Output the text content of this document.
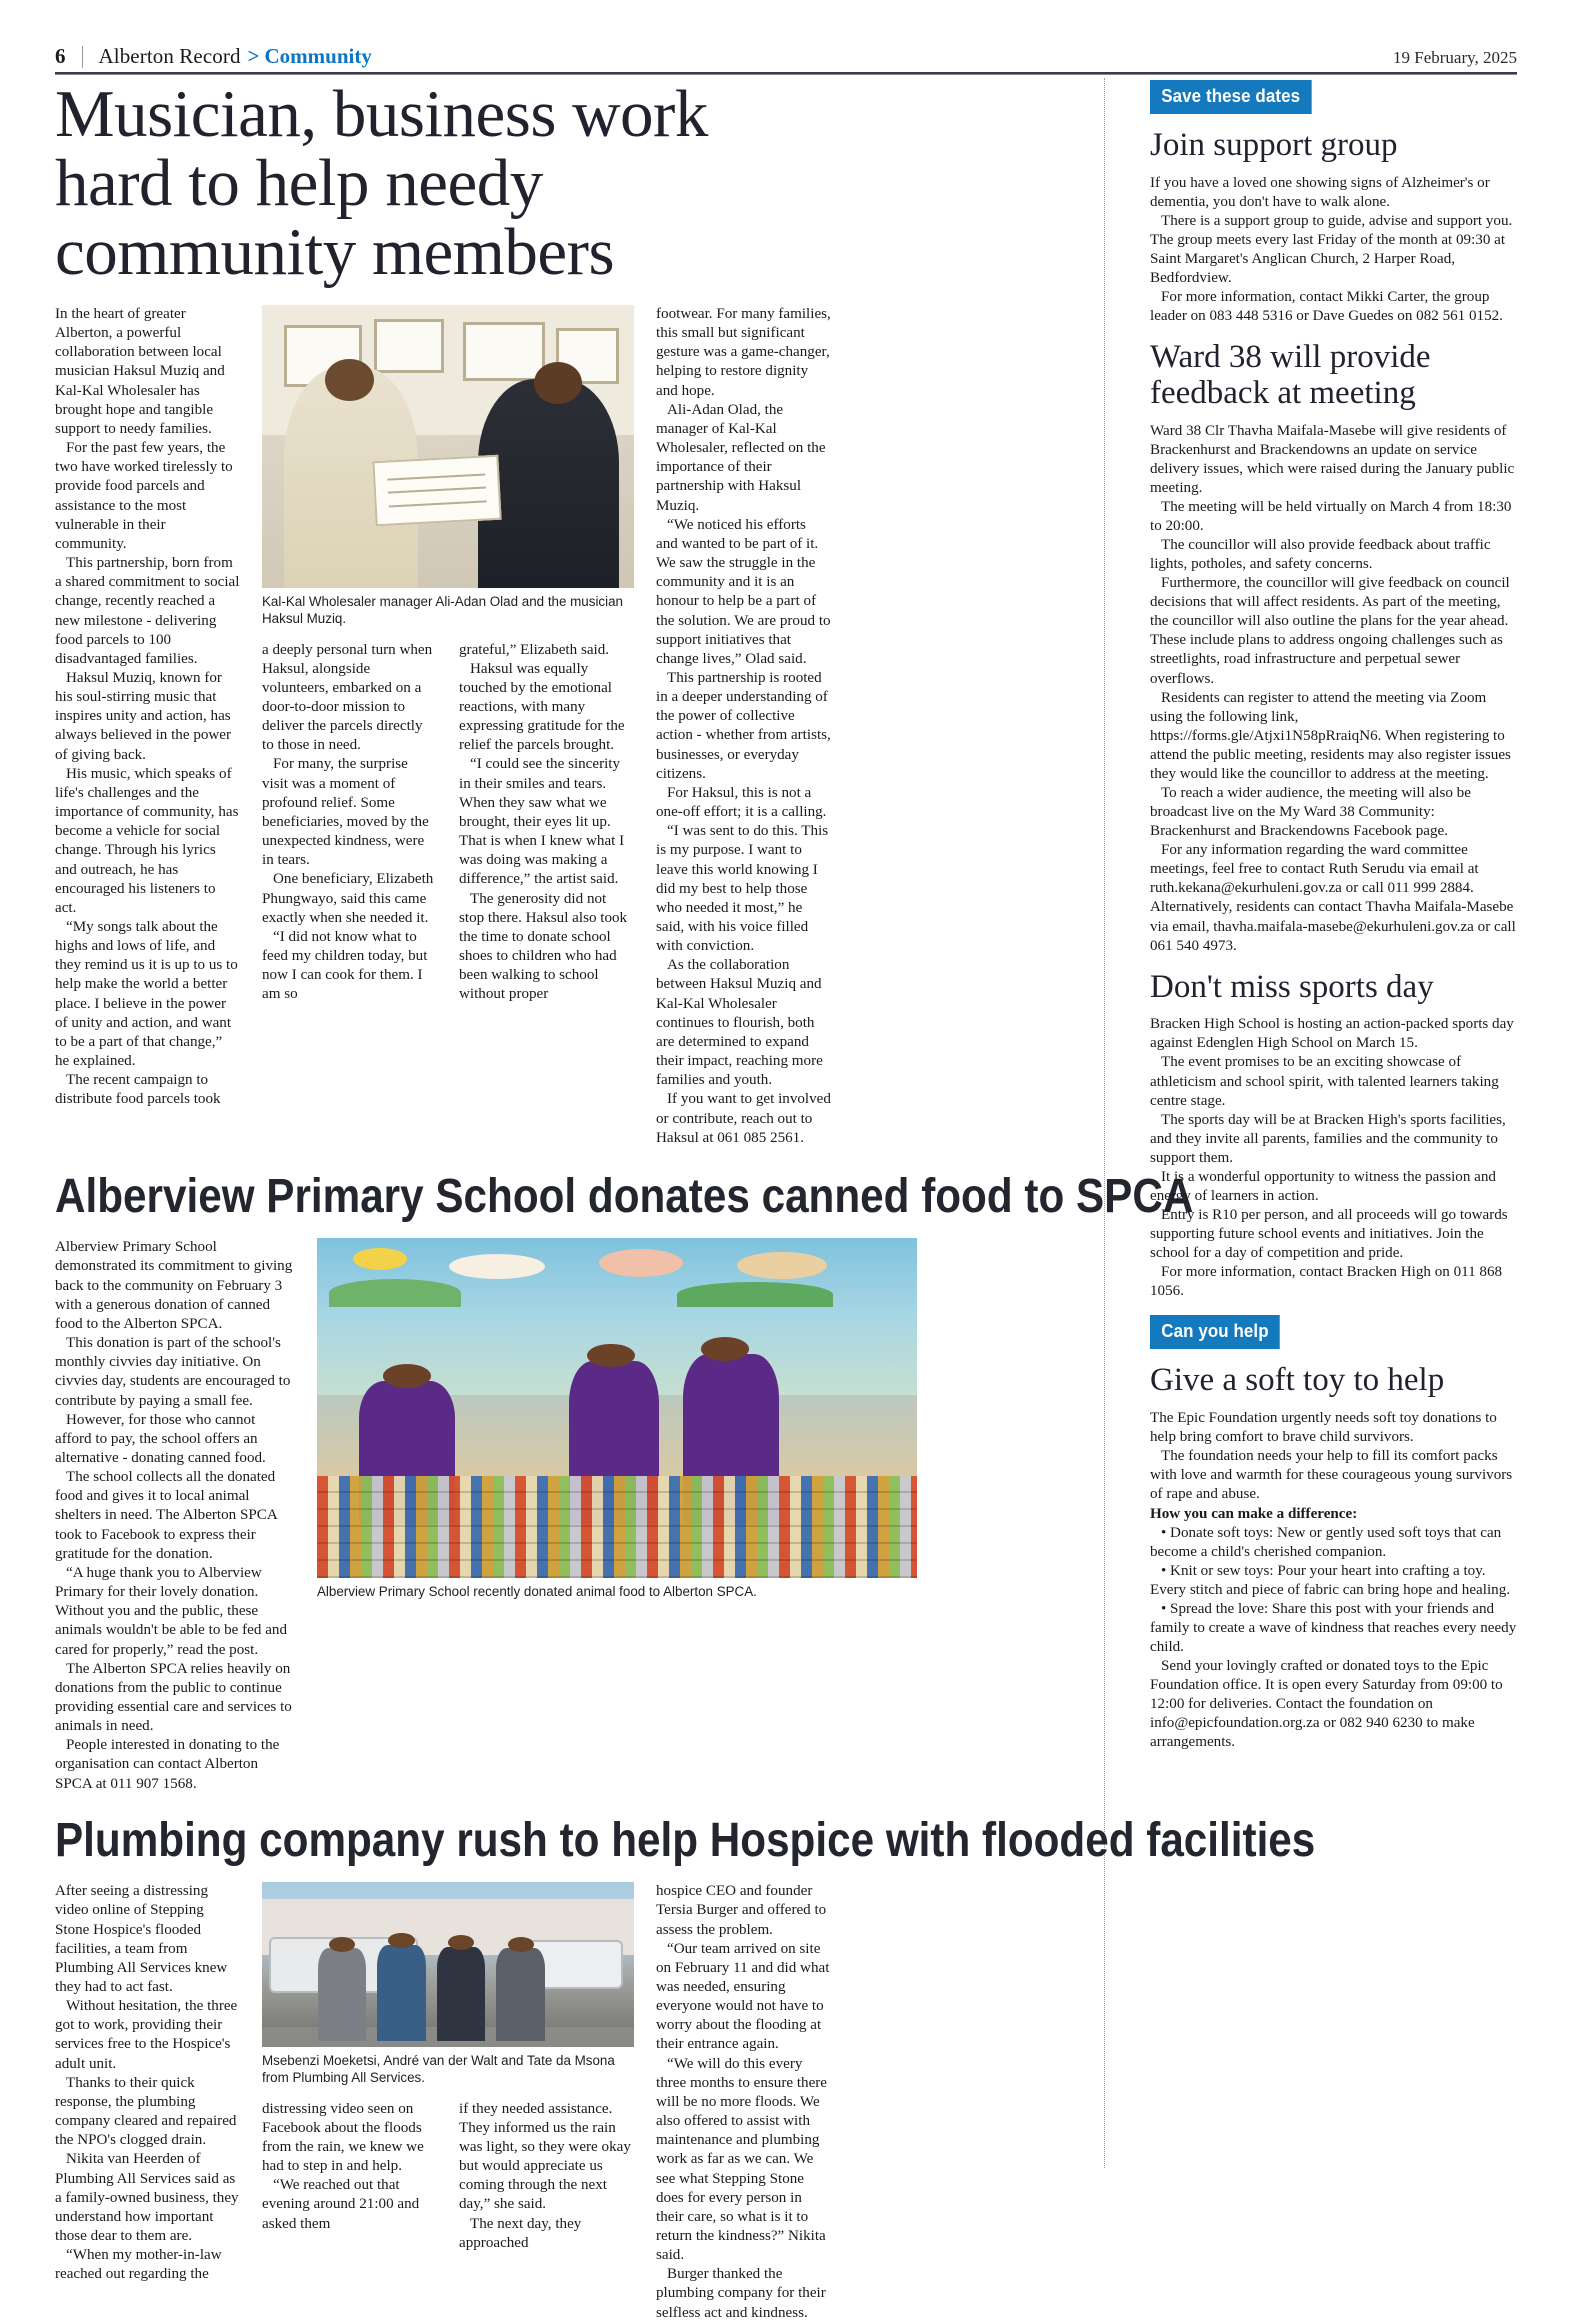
6	Alberton Record > Community	19 February, 2025
Musician, business work hard to help needy community members

In the heart of greater Alberton, a powerful collaboration between local musician Haksul Muziq and Kal-Kal Wholesaler has brought hope and tangible support to needy families.

For the past few years, the two have worked tirelessly to provide food parcels and assistance to the most vulnerable in their community.

This partnership, born from a shared commitment to social change, recently reached a new milestone - delivering food parcels to 100 disadvantaged families.

Haksul Muziq, known for his soul-stirring music that inspires unity and action, has always believed in the power of giving back.

His music, which speaks of life's challenges and the importance of community, has become a vehicle for social change. Through his lyrics and outreach, he has encouraged his listeners to act.

“My songs talk about the highs and lows of life, and they remind us it is up to us to help make the world a better place. I believe in the power of unity and action, and want to be a part of that change,” he explained.

The recent campaign to distribute food parcels took

Kal-Kal Wholesaler manager Ali-Adan Olad and the musician Haksul Muziq.

a deeply personal turn when Haksul, alongside volunteers, embarked on a door-to-door mission to deliver the parcels directly to those in need.

For many, the surprise visit was a moment of profound relief. Some beneficiaries, moved by the unexpected kindness, were in tears.

One beneficiary, Elizabeth Phungwayo, said this came exactly when she needed it.

“I did not know what to feed my children today, but now I can cook for them. I am so

grateful,” Elizabeth said.

Haksul was equally touched by the emotional reactions, with many expressing gratitude for the relief the parcels brought.

“I could see the sincerity in their smiles and tears. When they saw what we brought, their eyes lit up. That is when I knew what I was doing was making a difference,” the artist said.

The generosity did not stop there. Haksul also took the time to donate school shoes to children who had been walking to school without proper

footwear. For many families, this small but significant gesture was a game-changer, helping to restore dignity and hope.

Ali-Adan Olad, the manager of Kal-Kal Wholesaler, reflected on the importance of their partnership with Haksul Muziq.

“We noticed his efforts and wanted to be part of it. We saw the struggle in the community and it is an honour to help be a part of the solution. We are proud to support initiatives that change lives,” Olad said.

This partnership is rooted in a deeper understanding of the power of collective action - whether from artists, businesses, or everyday citizens.

For Haksul, this is not a one-off effort; it is a calling.

“I was sent to do this. This is my purpose. I want to leave this world knowing I did my best to help those who needed it most,” he said, with his voice filled with conviction.

As the collaboration between Haksul Muziq and Kal-Kal Wholesaler continues to flourish, both are determined to expand their impact, reaching more families and youth.

If you want to get involved or contribute, reach out to Haksul at 061 085 2561.

Alberview Primary School donates canned food to SPCA

Alberview Primary School demonstrated its commitment to giving back to the community on February 3 with a generous donation of canned food to the Alberton SPCA.

This donation is part of the school's monthly civvies day initiative. On civvies day, students are encouraged to contribute by paying a small fee.

However, for those who cannot afford to pay, the school offers an alternative - donating canned food.

The school collects all the donated food and gives it to local animal shelters in need. The Alberton SPCA took to Facebook to express their gratitude for the donation.

“A huge thank you to Alberview Primary for their lovely donation. Without you and the public, these animals wouldn't be able to be fed and cared for properly,” read the post.

The Alberton SPCA relies heavily on donations from the public to continue providing essential care and services to animals in need.

People interested in donating to the organisation can contact Alberton SPCA at 011 907 1568.

Alberview Primary School recently donated animal food to Alberton SPCA.
Plumbing company rush to help Hospice with flooded facilities

After seeing a distressing video online of Stepping Stone Hospice's flooded facilities, a team from Plumbing All Services knew they had to act fast.

Without hesitation, the three got to work, providing their services free to the Hospice's adult unit.

Thanks to their quick response, the plumbing company cleared and repaired the NPO's clogged drain.

Nikita van Heerden of Plumbing All Services said as a family-owned business, they understand how important those dear to them are.

“When my mother-in-law reached out regarding the

Msebenzi Moeketsi, André van der Walt and Tate da Msona from Plumbing All Services.

distressing video seen on Facebook about the floods from the rain, we knew we had to step in and help.

“We reached out that evening around 21:00 and asked them

if they needed assistance. They informed us the rain was light, so they were okay but would appreciate us coming through the next day,” she said.

The next day, they approached

hospice CEO and founder Tersia Burger and offered to assess the problem.

“Our team arrived on site on February 11 and did what was needed, ensuring everyone would not have to worry about the flooding at their entrance again.

“We will do this every three months to ensure there will be no more floods. We also offered to assist with maintenance and plumbing work as far as we can. We see what Stepping Stone does for every person in their care, so what is it to return the kindness?” Nikita said.

Burger thanked the plumbing company for their selfless act and kindness.

Save these dates
Join support group

If you have a loved one showing signs of Alzheimer's or dementia, you don't have to walk alone.

There is a support group to guide, advise and support you. The group meets every last Friday of the month at 09:30 at Saint Margaret's Anglican Church, 2 Harper Road, Bedfordview.

For more information, contact Mikki Carter, the group leader on 083 448 5316 or Dave Guedes on 082 561 0152.

Ward 38 will provide feedback at meeting

Ward 38 Clr Thavha Maifala-Masebe will give residents of Brackenhurst and Brackendowns an update on service delivery issues, which were raised during the January public meeting.

The meeting will be held virtually on March 4 from 18:30 to 20:00.

The councillor will also provide feedback about traffic lights, potholes, and safety concerns.

Furthermore, the councillor will give feedback on council decisions that will affect residents. As part of the meeting, the councillor will also outline the plans for the year ahead. These include plans to address ongoing challenges such as streetlights, road infrastructure and perpetual sewer overflows.

Residents can register to attend the meeting via Zoom using the following link, https://forms.gle/Atjxi1N58pRraiqN6. When registering to attend the public meeting, residents may also register issues they would like the councillor to address at the meeting.

To reach a wider audience, the meeting will also be broadcast live on the My Ward 38 Community: Brackenhurst and Brackendowns Facebook page.

For any information regarding the ward committee meetings, feel free to contact Ruth Serudu via email at ruth.kekana@ekurhuleni.gov.za or call 011 999 2884. Alternatively, residents can contact Thavha Maifala-Masebe via email, thavha.maifala-masebe@ekurhuleni.gov.za or call 061 540 4973.

Don't miss sports day

Bracken High School is hosting an action-packed sports day against Edenglen High School on March 15.

The event promises to be an exciting showcase of athleticism and school spirit, with talented learners taking centre stage.

The sports day will be at Bracken High's sports facilities, and they invite all parents, families and the community to support them.

It is a wonderful opportunity to witness the passion and energy of learners in action.

Entry is R10 per person, and all proceeds will go towards supporting future school events and initiatives. Join the school for a day of competition and pride.

For more information, contact Bracken High on 011 868 1056.

Can you help
Give a soft toy to help

The Epic Foundation urgently needs soft toy donations to help bring comfort to brave child survivors.

The foundation needs your help to fill its comfort packs with love and warmth for these courageous young survivors of rape and abuse.

How you can make a difference:

• Donate soft toys: New or gently used soft toys that can become a child's cherished companion.

• Knit or sew toys: Pour your heart into crafting a toy. Every stitch and piece of fabric can bring hope and healing.

• Spread the love: Share this post with your friends and family to create a wave of kindness that reaches every needy child.

Send your lovingly crafted or donated toys to the Epic Foundation office. It is open every Saturday from 09:00 to 12:00 for deliveries. Contact the foundation on info@epicfoundation.org.za or 082 940 6230 to make arrangements.
